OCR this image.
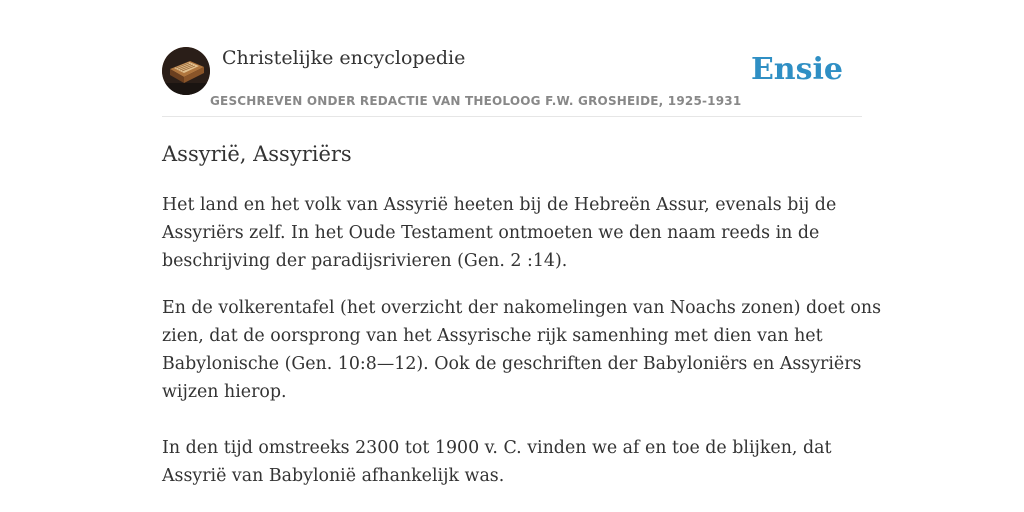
Christelijke encyclopedie
GESCHREVEN ONDER REDACTIE VAN THEOLOOG F.W. GROSHEIDE, 1925-1931
Ensie
Assyrië, Assyriërs

Het land en het volk van Assyrië heeten bij de Hebreën Assur, evenals bij de
Assyriërs zelf. In het Oude Testament ontmoeten we den naam reeds in de
beschrijving der paradijsrivieren (Gen. 2 :14).

En de volkerentafel (het overzicht der nakomelingen van Noachs zonen) doet ons
zien, dat de oorsprong van het Assyrische rijk samenhing met dien van het
Babylonische (Gen. 10:8—12). Ook de geschriften der Babyloniërs en Assyriërs
wijzen hierop.

In den tijd omstreeks 2300 tot 1900 v. C. vinden we af en toe de blijken, dat
Assyrië van Babylonië afhankelijk was.
